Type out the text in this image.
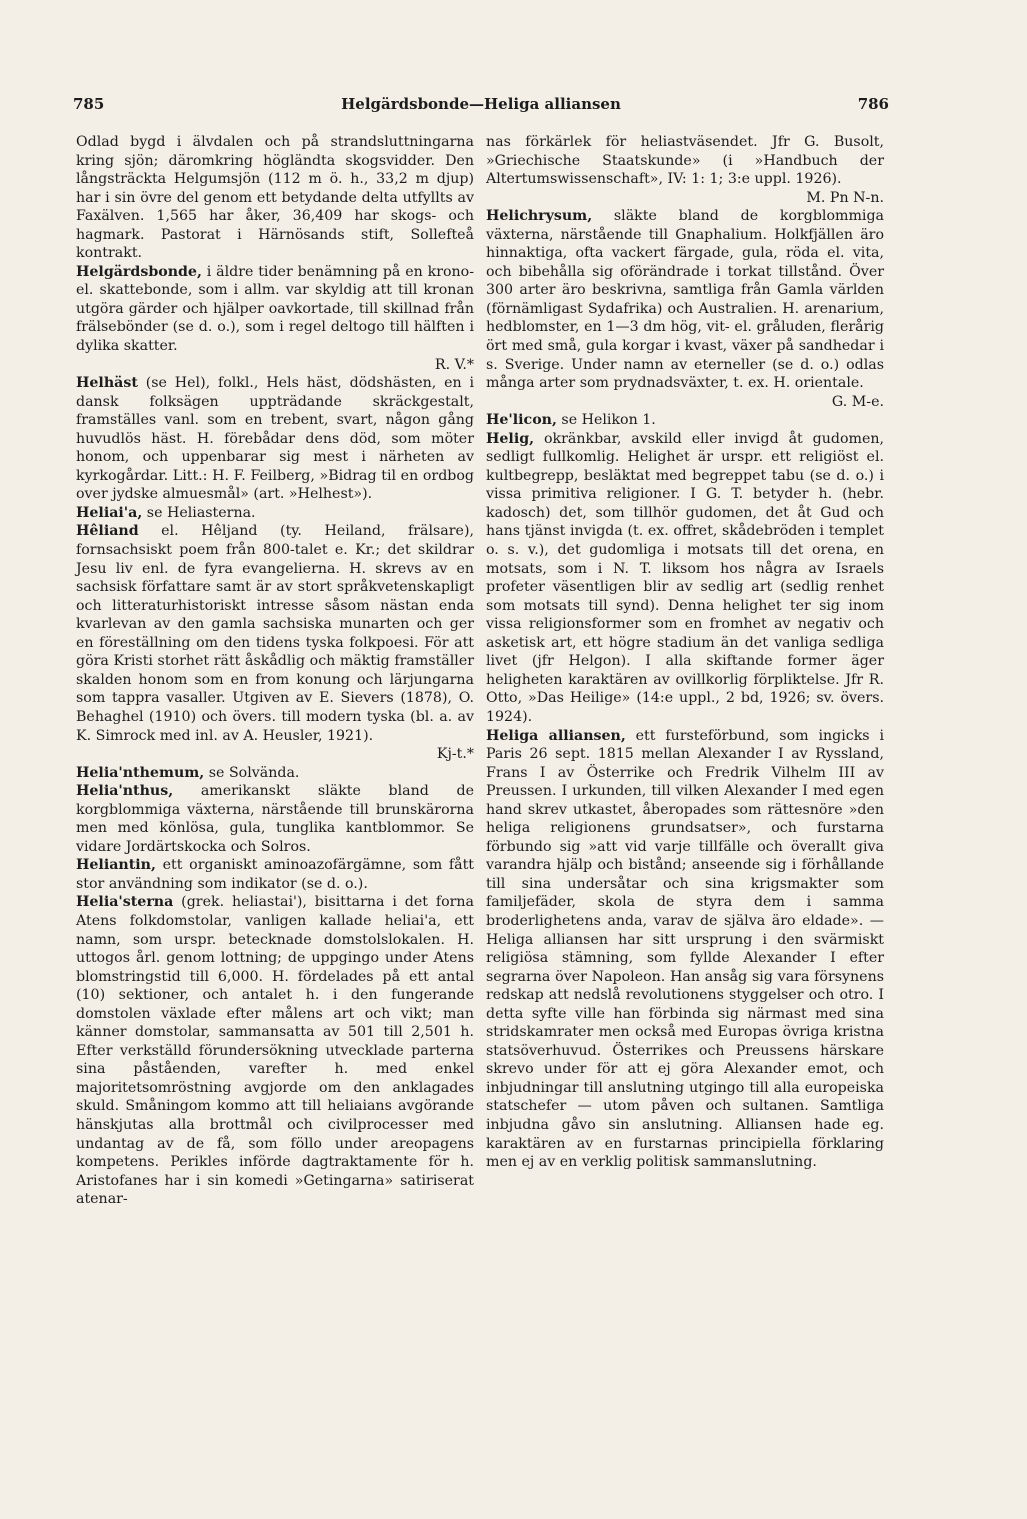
785	Helgärdsbonde—Heliga alliansen	786

Odlad bygd i älvdalen och på strandsluttningarna kring sjön; däromkring högländta skogsvidder. Den långsträckta Helgumsjön (112 m ö. h., 33,2 m djup) har i sin övre del genom ett betydande delta utfyllts av Faxälven. 1,565 har åker, 36,409 har skogs- och hagmark. Pastorat i Härnösands stift, Sollefteå kontrakt.

Helgärdsbonde, i äldre tider benämning på en krono- el. skattebonde, som i allm. var skyldig att till kronan utgöra gärder och hjälper oavkortade, till skillnad från frälsebönder (se d. o.), som i regel deltogo till hälften i dylika skatter.
R. V.*

Helhäst (se Hel), folkl., Hels häst, dödshästen, en i dansk folksägen uppträdande skräckgestalt, framställes vanl. som en trebent, svart, någon gång huvudlös häst. H. förebådar dens död, som möter honom, och uppenbarar sig mest i närheten av kyrkogårdar. Litt.: H. F. Feilberg, »Bidrag til en ordbog over jydske almuesmål» (art. »Helhest»).

Heliai'a, se Heliasterna.

Hêliand el. Hêljand (ty. Heiland, frälsare), fornsachsiskt poem från 800-talet e. Kr.; det skildrar Jesu liv enl. de fyra evangelierna. H. skrevs av en sachsisk författare samt är av stort språkvetenskapligt och litteraturhistoriskt intresse såsom nästan enda kvarlevan av den gamla sachsiska munarten och ger en föreställning om den tidens tyska folkpoesi. För att göra Kristi storhet rätt åskådlig och mäktig framställer skalden honom som en from konung och lärjungarna som tappra vasaller. Utgiven av E. Sievers (1878), O. Behaghel (1910) och övers. till modern tyska (bl. a. av K. Simrock med inl. av A. Heusler, 1921).
Kj-t.*

Helia'nthemum, se Solvända.

Helia'nthus, amerikanskt släkte bland de korgblommiga växterna, närstående till brunskärorna men med könlösa, gula, tunglika kantblommor. Se vidare Jordärtskocka och Solros.

Heliantin, ett organiskt aminoazofärgämne, som fått stor användning som indikator (se d. o.).

Helia'sterna (grek. heliastai'), bisittarna i det forna Atens folkdomstolar, vanligen kallade heliai'a, ett namn, som urspr. betecknade domstolslokalen. H. uttogos årl. genom lottning; de uppgingo under Atens blomstringstid till 6,000. H. fördelades på ett antal (10) sektioner, och antalet h. i den fungerande domstolen växlade efter målens art och vikt; man känner domstolar, sammansatta av 501 till 2,501 h. Efter verkställd förundersökning utvecklade parterna sina påståenden, varefter h. med enkel majoritetsomröstning avgjorde om den anklagades skuld. Småningom kommo att till heliaians avgörande hänskjutas alla brottmål och civilprocesser med undantag av de få, som föllo under areopagens kompetens. Perikles införde dagtraktamente för h. Aristofanes har i sin komedi »Getingarna» satiriserat atenar-

nas förkärlek för heliastväsendet. Jfr G. Busolt, »Griechische Staatskunde» (i »Handbuch der Altertumswissenschaft», IV: 1: 1; 3:e uppl. 1926).
M. Pn N-n.

Helichrysum, släkte bland de korgblommiga växterna, närstående till Gnaphalium. Holkfjällen äro hinnaktiga, ofta vackert färgade, gula, röda el. vita, och bibehålla sig oförändrade i torkat tillstånd. Över 300 arter äro beskrivna, samtliga från Gamla världen (förnämligast Sydafrika) och Australien. H. arenarium, hedblomster, en 1—3 dm hög, vit- el. gråluden, flerårig ört med små, gula korgar i kvast, växer på sandhedar i s. Sverige. Under namn av eterneller (se d. o.) odlas många arter som prydnadsväxter, t. ex. H. orientale.
G. M-e.

He'licon, se Helikon 1.

Helig, okränkbar, avskild eller invigd åt gudomen, sedligt fullkomlig. Helighet är urspr. ett religiöst el. kultbegrepp, besläktat med begreppet tabu (se d. o.) i vissa primitiva religioner. I G. T. betyder h. (hebr. kadosch) det, som tillhör gudomen, det åt Gud och hans tjänst invigda (t. ex. offret, skådebröden i templet o. s. v.), det gudomliga i motsats till det orena, en motsats, som i N. T. liksom hos några av Israels profeter väsentligen blir av sedlig art (sedlig renhet som motsats till synd). Denna helighet ter sig inom vissa religionsformer som en fromhet av negativ och asketisk art, ett högre stadium än det vanliga sedliga livet (jfr Helgon). I alla skiftande former äger heligheten karaktären av ovillkorlig förpliktelse. Jfr R. Otto, »Das Heilige» (14:e uppl., 2 bd, 1926; sv. övers. 1924).

Heliga alliansen, ett fursteförbund, som ingicks i Paris 26 sept. 1815 mellan Alexander I av Ryssland, Frans I av Österrike och Fredrik Vilhelm III av Preussen. I urkunden, till vilken Alexander I med egen hand skrev utkastet, åberopades som rättesnöre »den heliga religionens grundsatser», och furstarna förbundo sig »att vid varje tillfälle och överallt giva varandra hjälp och bistånd; anseende sig i förhållande till sina undersåtar och sina krigsmakter som familjefäder, skola de styra dem i samma broderlighetens anda, varav de själva äro eldade». — Heliga alliansen har sitt ursprung i den svärmiskt religiösa stämning, som fyllde Alexander I efter segrarna över Napoleon. Han ansåg sig vara försynens redskap att nedslå revolutionens styggelser och otro. I detta syfte ville han förbinda sig närmast med sina stridskamrater men också med Europas övriga kristna statsöverhuvud. Österrikes och Preussens härskare skrevo under för att ej göra Alexander emot, och inbjudningar till anslutning utgingo till alla europeiska statschefer — utom påven och sultanen. Samtliga inbjudna gåvo sin anslutning. Alliansen hade eg. karaktären av en furstarnas principiella förklaring men ej av en verklig politisk sammanslutning.
